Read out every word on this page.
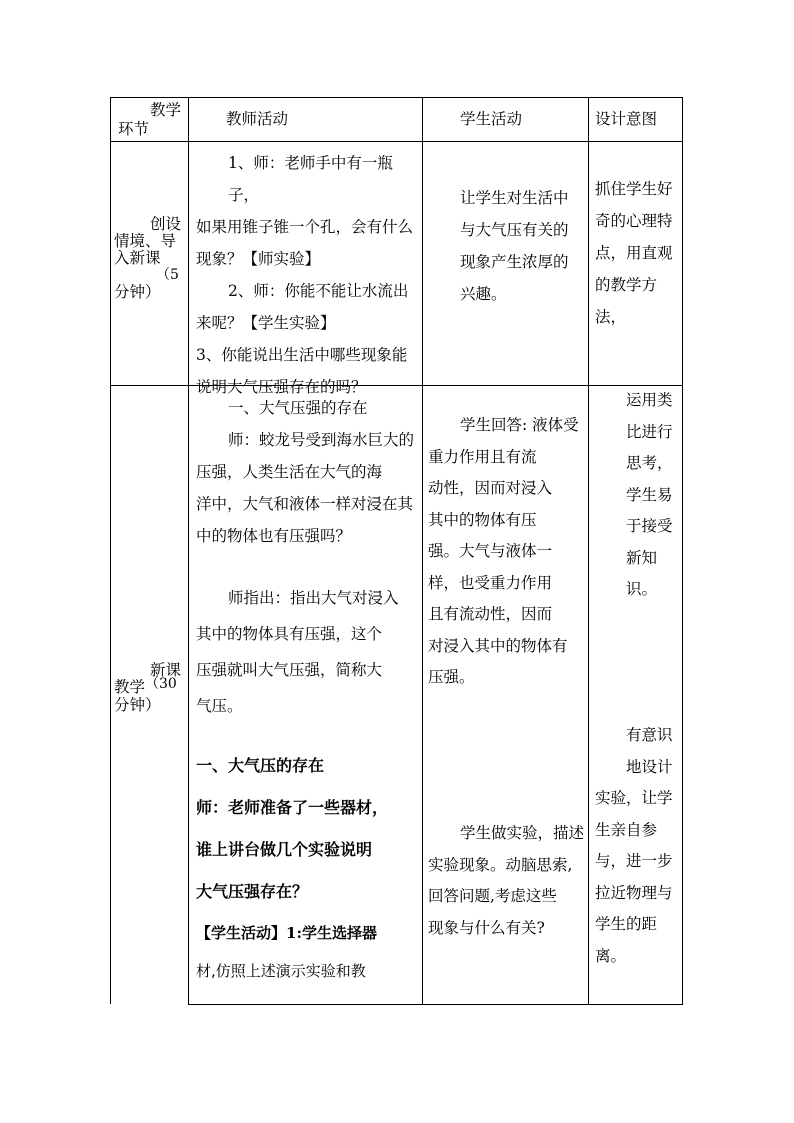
教学
环节
教师活动	学生活动	设计意图

创设

情境、导

入新课

（5

分钟）

1、师：老师手中有一瓶子，

如果用锥子锥一个孔，会有什么

现象？【师实验】

2、师：你能不能让水流出

来呢？【学生实验】

3、你能说出生活中哪些现象能

说明大气压强存在的吗？

让学生对生活中

与大气压有关的

现象产生浓厚的

兴趣。

抓住学生好

奇的心理特

点，用直观

的教学方

法，

新课

教学（30

分钟）

一、大气压强的存在

师：蛟龙号受到海水巨大的

压强，人类生活在大气的海

洋中，大气和液体一样对浸在其

中的物体也有压强吗？

师指出：指出大气对浸入

其中的物体具有压强，这个

压强就叫大气压强，简称大

气压。

一、大气压的存在

师：老师准备了一些器材，

谁上讲台做几个实验说明

大气压强存在？

【学生活动】1:学生选择器

材,仿照上述演示实验和教

学生回答: 液体受

重力作用且有流

动性，因而对浸入

其中的物体有压

强。大气与液体一

样，也受重力作用

且有流动性，因而

对浸入其中的物体有

压强。

学生做实验，描述

实验现象。动脑思索,

回答问题,考虑这些

现象与什么有关?

运用类

比进行

思考，

学生易

于接受

新知

识。

有意识

地设计

实验，让学

生亲自参

与，进一步

拉近物理与

学生的距

离。
